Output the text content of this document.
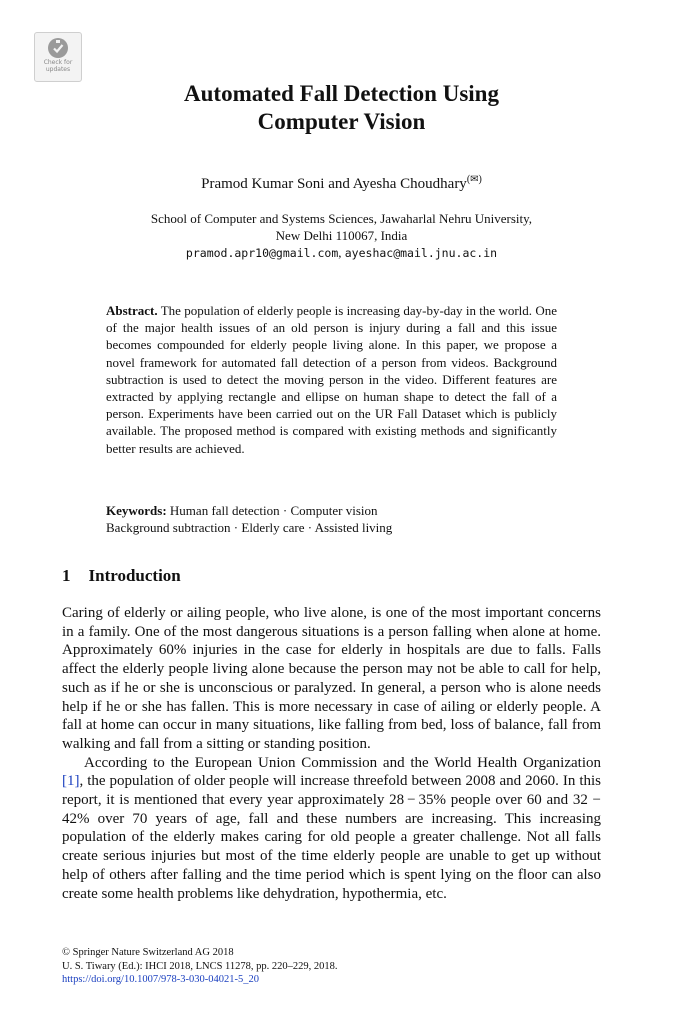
Check for
updates
Automated Fall Detection Using
Computer Vision
Pramod Kumar Soni and Ayesha Choudhary(✉)
School of Computer and Systems Sciences, Jawaharlal Nehru University,
New Delhi 110067, India
pramod.apr10@gmail.com, ayeshac@mail.jnu.ac.in
Abstract. The population of elderly people is increasing day-by-day in the world. One of the major health issues of an old person is injury during a fall and this issue becomes compounded for elderly people living alone. In this paper, we propose a novel framework for automated fall detection of a person from videos. Background subtraction is used to detect the moving person in the video. Different features are extracted by applying rectangle and ellipse on human shape to detect the fall of a person. Experiments have been carried out on the UR Fall Dataset which is publicly available. The proposed method is compared with existing methods and significantly better results are achieved.
Keywords: Human fall detection · Computer vision
Background subtraction · Elderly care · Assisted living
1 Introduction

Caring of elderly or ailing people, who live alone, is one of the most important concerns in a family. One of the most dangerous situations is a person falling when alone at home. Approximately 60% injuries in the case for elderly in hospitals are due to falls. Falls affect the elderly people living alone because the person may not be able to call for help, such as if he or she is unconscious or paralyzed. In general, a person who is alone needs help if he or she has fallen. This is more necessary in case of ailing or elderly people. A fall at home can occur in many situations, like falling from bed, loss of balance, fall from walking and fall from a sitting or standing position.

According to the European Union Commission and the World Health Organization [1], the population of older people will increase threefold between 2008 and 2060. In this report, it is mentioned that every year approximately 28 − 35% people over 60 and 32 − 42% over 70 years of age, fall and these numbers are increasing. This increasing population of the elderly makes caring for old people a greater challenge. Not all falls create serious injuries but most of the time elderly people are unable to get up without help of others after falling and the time period which is spent lying on the floor can also create some health problems like dehydration, hypothermia, etc.

© Springer Nature Switzerland AG 2018
U. S. Tiwary (Ed.): IHCI 2018, LNCS 11278, pp. 220–229, 2018.
https://doi.org/10.1007/978-3-030-04021-5_20
